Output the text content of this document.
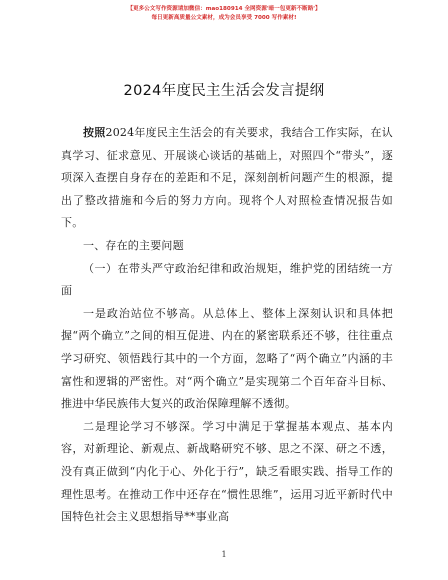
【更多公文写作资源请加微信：mao180914 全网资源'暗一包更新不断路'】
每日更新高质量公文素材，成为会员享受 7000 写作素材!
2024年度民主生活会发言提纲

按照2024年度民主生活会的有关要求，我结合工作实际，在认真学习、征求意见、开展谈心谈话的基础上，对照四个“带头”，逐项深入查摆自身存在的差距和不足，深刻剖析问题产生的根源，提出了整改措施和今后的努力方向。现将个人对照检查情况报告如下。

一、存在的主要问题

（一）在带头严守政治纪律和政治规矩，维护党的团结统一方面

一是政治站位不够高。从总体上、整体上深刻认识和具体把握“两个确立”之间的相互促进、内在的紧密联系还不够，往往重点学习研究、领悟践行其中的一个方面，忽略了“两个确立”内涵的丰富性和逻辑的严密性。对“两个确立”是实现第二个百年奋斗目标、推进中华民族伟大复兴的政治保障理解不透彻。

二是理论学习不够深。学习中满足于掌握基本观点、基本内容，对新理论、新观点、新战略研究不够、思之不深、研之不透，没有真正做到“内化于心、外化于行”，缺乏看眼实践、指导工作的理性思考。在推动工作中还存在“惯性思维”，运用习近平新时代中国特色社会主义思想指导**事业高

1
